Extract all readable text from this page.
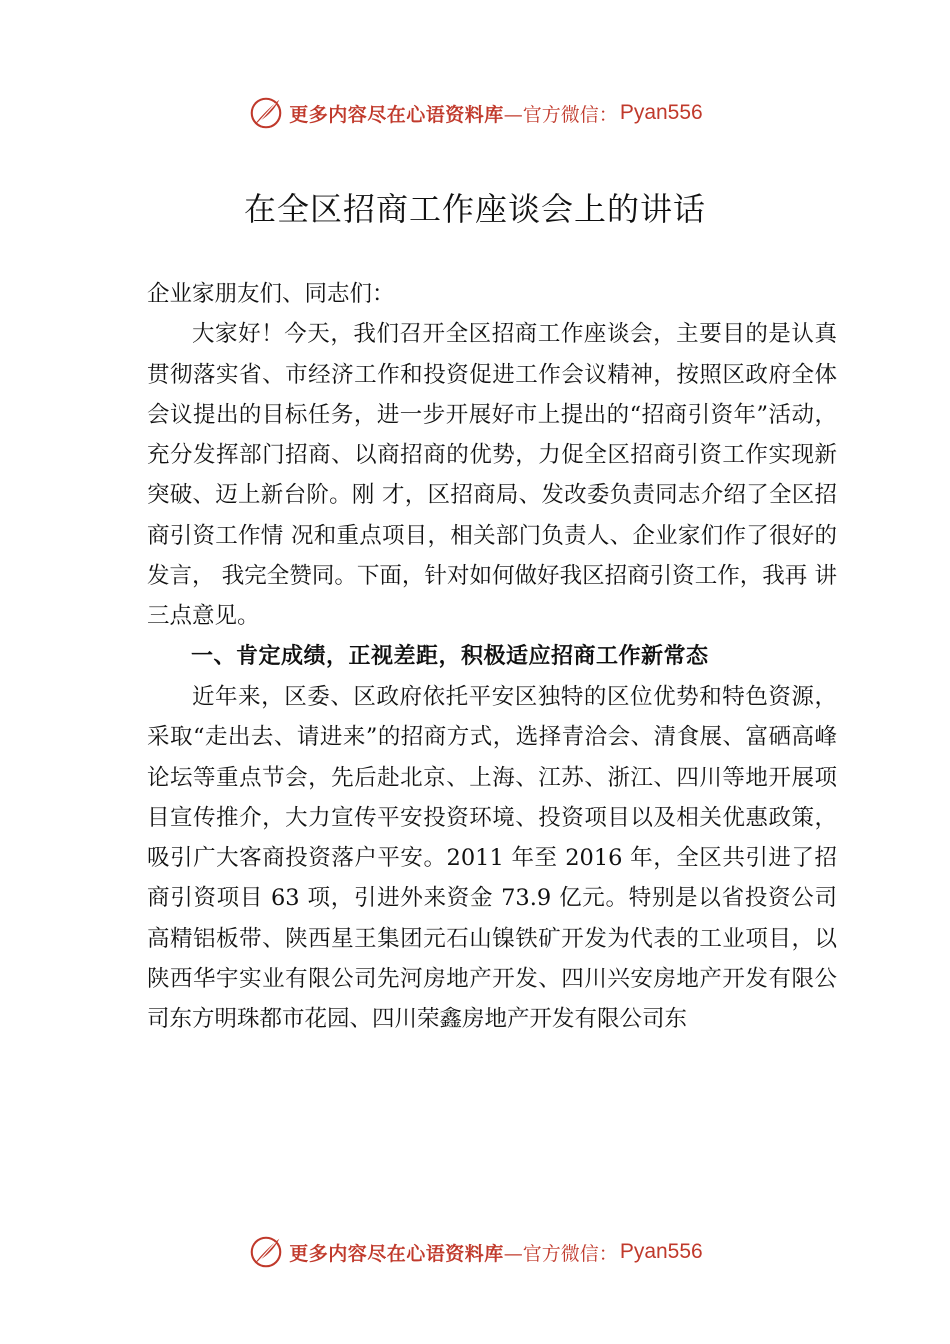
更多内容尽在心语资料库 —官方微信： Pyan556
在全区招商工作座谈会上的讲话

企业家朋友们、同志们：

大家好！今天，我们召开全区招商工作座谈会，主要目的是认真贯彻落实省、市经济工作和投资促进工作会议精神，按照区政府全体会议提出的目标任务，进一步开展好市上提出的“招商引资年”活动，充分发挥部门招商、以商招商的优势，力促全区招商引资工作实现新突破、迈上新台阶。刚 才，区招商局、发改委负责同志介绍了全区招商引资工作情 况和重点项目，相关部门负责人、企业家们作了很好的发言， 我完全赞同。下面，针对如何做好我区招商引资工作，我再 讲三点意见。

一、肯定成绩，正视差距，积极适应招商工作新常态

近年来，区委、区政府依托平安区独特的区位优势和特色资源，采取“走出去、请进来”的招商方式，选择青洽会、清食展、富硒高峰论坛等重点节会，先后赴北京、上海、江苏、浙江、四川等地开展项目宣传推介，大力宣传平安投资环境、投资项目以及相关优惠政策，吸引广大客商投资落户平安。2011 年至 2016 年，全区共引进了招商引资项目 63 项，引进外来资金 73.9 亿元。特别是以省投资公司高精铝板带、陕西星王集团元石山镍铁矿开发为代表的工业项目，以陕西华宇实业有限公司先河房地产开发、四川兴安房地产开发有限公司东方明珠都市花园、四川荣鑫房地产开发有限公司东

更多内容尽在心语资料库 —官方微信： Pyan556
